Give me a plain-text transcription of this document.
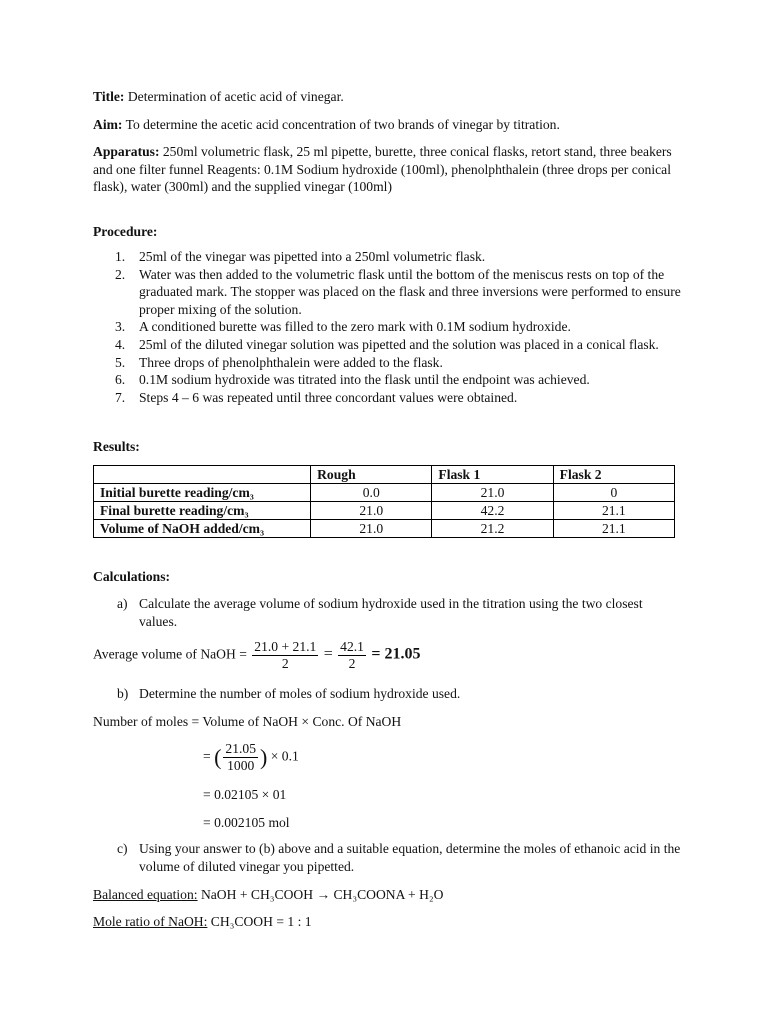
Title: Determination of acetic acid of vinegar.

Aim: To determine the acetic acid concentration of two brands of vinegar by titration.

Apparatus: 250ml volumetric flask, 25 ml pipette, burette, three conical flasks, retort stand, three beakers and one filter funnel Reagents: 0.1M Sodium hydroxide (100ml), phenolphthalein (three drops per conical flask), water (300ml) and the supplied vinegar (100ml)

Procedure:

1. 25ml of the vinegar was pipetted into a 250ml volumetric flask.
2. Water was then added to the volumetric flask until the bottom of the meniscus rests on top of the graduated mark. The stopper was placed on the flask and three inversions were performed to ensure proper mixing of the solution.
3. A conditioned burette was filled to the zero mark with 0.1M sodium hydroxide.
4. 25ml of the diluted vinegar solution was pipetted and the solution was placed in a conical flask.
5. Three drops of phenolphthalein were added to the flask.
6. 0.1M sodium hydroxide was titrated into the flask until the endpoint was achieved.
7. Steps 4 – 6 was repeated until three concordant values were obtained.

Results:

	Rough	Flask 1	Flask 2
Initial burette reading/cm₃	0.0	21.0	0
Final burette reading/cm₃	21.0	42.2	21.1
Volume of NaOH added/cm₃	21.0	21.2	21.1

Calculations:

a) Calculate the average volume of sodium hydroxide used in the titration using the two closest values.
Average volume of NaOH = $\frac{21.0 + 21.1}{2} = \frac{42.1}{2} = 21.05$
b) Determine the number of moles of sodium hydroxide used.

Number of moles = Volume of NaOH × Conc. Of NaOH

= ( $\frac{21.05}{1000}$ ) × 0.1

= 0.02105 × 01

= 0.002105 mol

c) Using your answer to (b) above and a suitable equation, determine the moles of ethanoic acid in the volume of diluted vinegar you pipetted.

Balanced equation: NaOH + CH₃COOH → CH₃COONA + H₂O

Mole ratio of NaOH: CH₃COOH = 1 : 1
